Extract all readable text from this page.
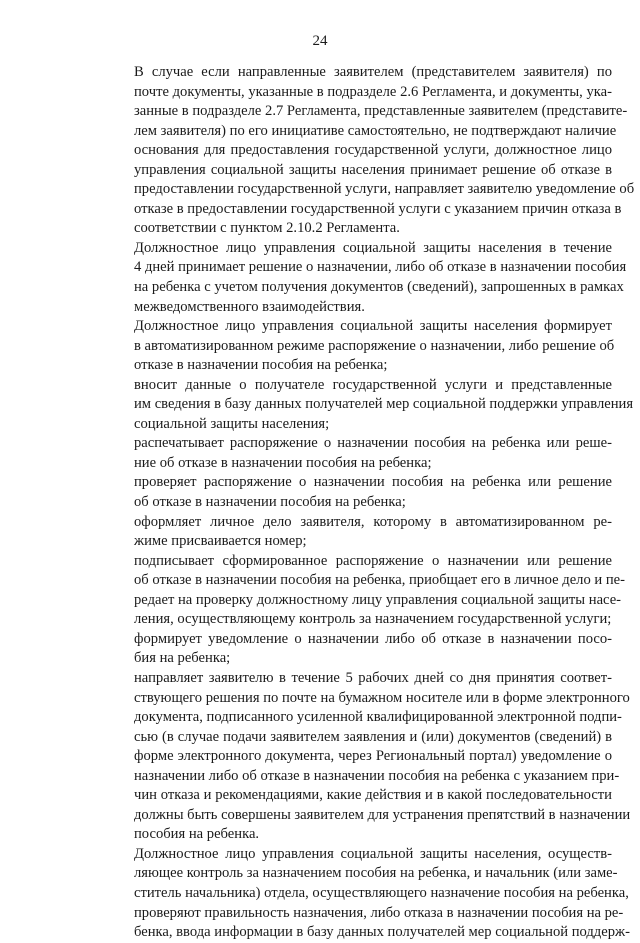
24

В случае если направленные заявителем (представителем заявителя) по
почте документы, указанные в подразделе 2.6 Регламента, и документы, ука-
занные в подразделе 2.7 Регламента, представленные заявителем (представите-
лем заявителя) по его инициативе самостоятельно, не подтверждают наличие
основания для предоставления государственной услуги, должностное лицо
управления социальной защиты населения принимает решение об отказе в
предоставлении государственной услуги, направляет заявителю уведомление об
отказе в предоставлении государственной услуги с указанием причин отказа в
соответствии с пунктом 2.10.2 Регламента.

Должностное лицо управления социальной защиты населения в течение
4 дней принимает решение о назначении, либо об отказе в назначении пособия
на ребенка с учетом получения документов (сведений), запрошенных в рамках
межведомственного взаимодействия.

Должностное лицо управления социальной защиты населения формирует
в автоматизированном режиме распоряжение о назначении, либо решение об
отказе в назначении пособия на ребенка;

вносит данные о получателе государственной услуги и представленные
им сведения в базу данных получателей мер социальной поддержки управления
социальной защиты населения;

распечатывает распоряжение о назначении пособия на ребенка или реше-
ние об отказе в назначении пособия на ребенка;

проверяет распоряжение о назначении пособия на ребенка или решение
об отказе в назначении пособия на ребенка;

оформляет личное дело заявителя, которому в автоматизированном ре-
жиме присваивается номер;

подписывает сформированное распоряжение о назначении или решение
об отказе в назначении пособия на ребенка, приобщает его в личное дело и пе-
редает на проверку должностному лицу управления социальной защиты насе-
ления, осуществляющему контроль за назначением государственной услуги;

формирует уведомление о назначении либо об отказе в назначении посо-
бия на ребенка;

направляет заявителю в течение 5 рабочих дней со дня принятия соответ-
ствующего решения по почте на бумажном носителе или в форме электронного
документа, подписанного усиленной квалифицированной электронной подпи-
сью (в случае подачи заявителем заявления и (или) документов (сведений) в
форме электронного документа, через Региональный портал) уведомление о
назначении либо об отказе в назначении пособия на ребенка с указанием при-
чин отказа и рекомендациями, какие действия и в какой последовательности
должны быть совершены заявителем для устранения препятствий в назначении
пособия на ребенка.

Должностное лицо управления социальной защиты населения, осуществ-
ляющее контроль за назначением пособия на ребенка, и начальник (или заме-
ститель начальника) отдела, осуществляющего назначение пособия на ребенка,
проверяют правильность назначения, либо отказа в назначении пособия на ре-
бенка, ввода информации в базу данных получателей мер социальной поддерж-
